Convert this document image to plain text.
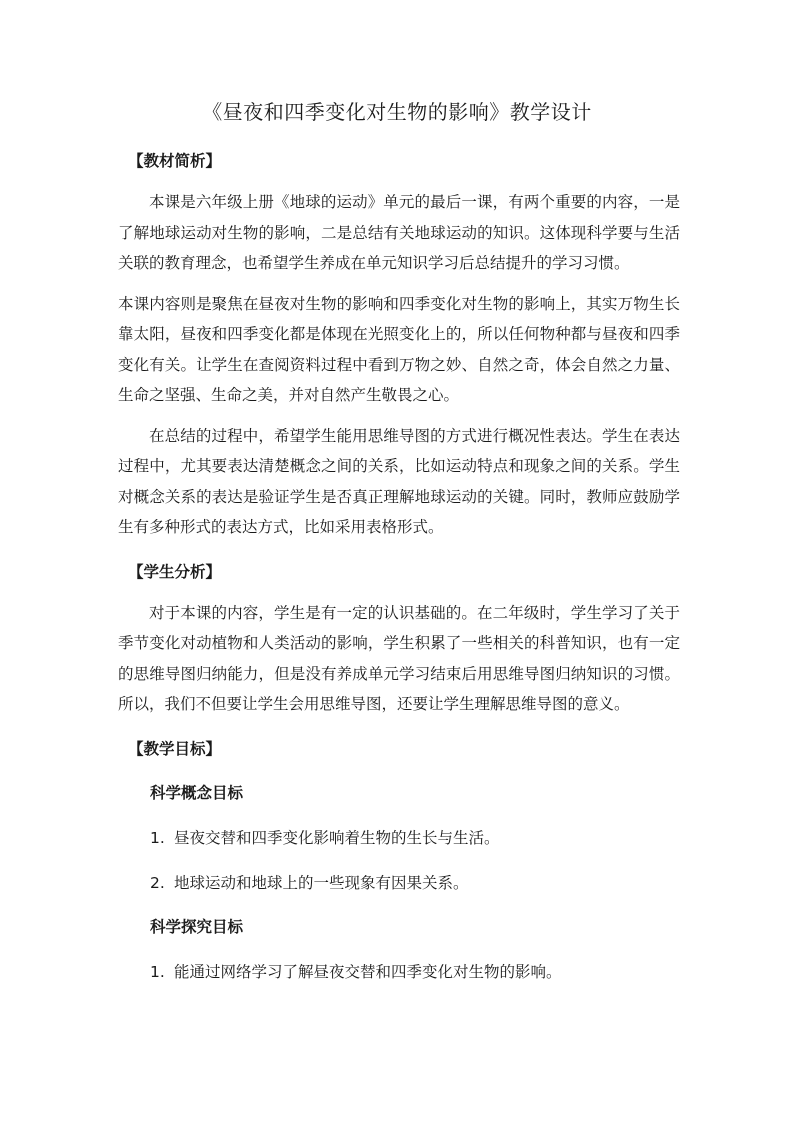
《昼夜和四季变化对生物的影响》教学设计
【教材简析】

本课是六年级上册《地球的运动》单元的最后一课，有两个重要的内容，一是了解地球运动对生物的影响，二是总结有关地球运动的知识。这体现科学要与生活关联的教育理念，也希望学生养成在单元知识学习后总结提升的学习习惯。

本课内容则是聚焦在昼夜对生物的影响和四季变化对生物的影响上，其实万物生长靠太阳，昼夜和四季变化都是体现在光照变化上的，所以任何物种都与昼夜和四季变化有关。让学生在查阅资料过程中看到万物之妙、自然之奇，体会自然之力量、生命之坚强、生命之美，并对自然产生敬畏之心。

在总结的过程中，希望学生能用思维导图的方式进行概况性表达。学生在表达过程中，尤其要表达清楚概念之间的关系，比如运动特点和现象之间的关系。学生对概念关系的表达是验证学生是否真正理解地球运动的关键。同时，教师应鼓励学生有多种形式的表达方式，比如采用表格形式。

【学生分析】

对于本课的内容，学生是有一定的认识基础的。在二年级时，学生学习了关于季节变化对动植物和人类活动的影响，学生积累了一些相关的科普知识，也有一定的思维导图归纳能力，但是没有养成单元学习结束后用思维导图归纳知识的习惯。所以，我们不但要让学生会用思维导图，还要让学生理解思维导图的意义。

【教学目标】
科学概念目标
1. 昼夜交替和四季变化影响着生物的生长与生活。
2. 地球运动和地球上的一些现象有因果关系。
科学探究目标
1. 能通过网络学习了解昼夜交替和四季变化对生物的影响。
